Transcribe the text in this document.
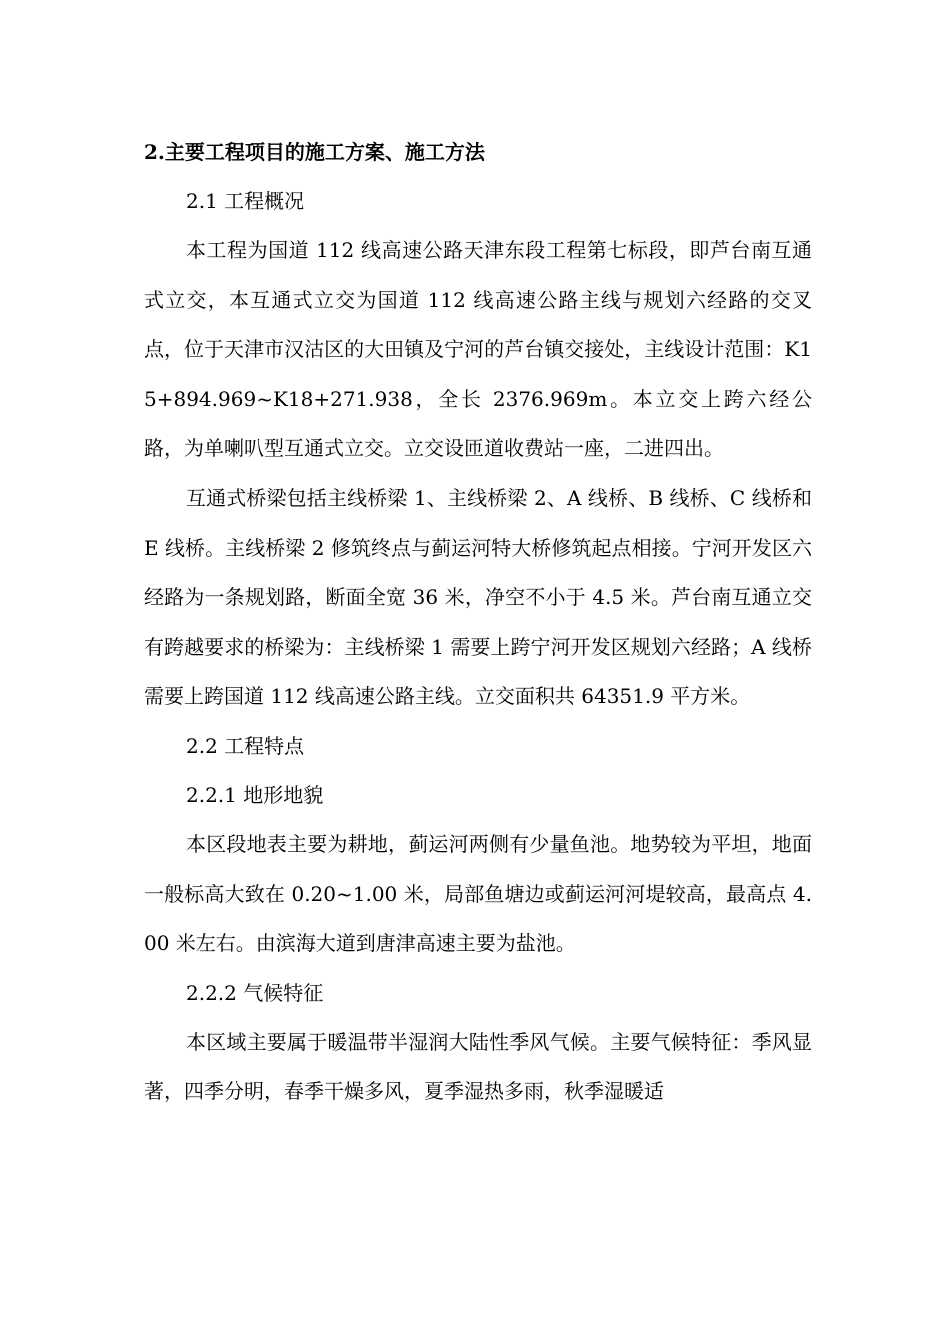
2.主要工程项目的施工方案、施工方法

2.1 工程概况

本工程为国道 112 线高速公路天津东段工程第七标段，即芦台南互通式立交，本互通式立交为国道 112 线高速公路主线与规划六经路的交叉点，位于天津市汉沽区的大田镇及宁河的芦台镇交接处，主线设计范围：K15+894.969~K18+271.938，全长 2376.969m。本立交上跨六经公路，为单喇叭型互通式立交。立交设匝道收费站一座，二进四出。

互通式桥梁包括主线桥梁 1、主线桥梁 2、A 线桥、B 线桥、C 线桥和 E 线桥。主线桥梁 2 修筑终点与蓟运河特大桥修筑起点相接。宁河开发区六经路为一条规划路，断面全宽 36 米，净空不小于 4.5 米。芦台南互通立交有跨越要求的桥梁为：主线桥梁 1 需要上跨宁河开发区规划六经路；A 线桥需要上跨国道 112 线高速公路主线。立交面积共 64351.9 平方米。

2.2 工程特点

2.2.1 地形地貌

本区段地表主要为耕地，蓟运河两侧有少量鱼池。地势较为平坦，地面一般标高大致在 0.20~1.00 米，局部鱼塘边或蓟运河河堤较高，最高点 4.00 米左右。由滨海大道到唐津高速主要为盐池。

2.2.2 气候特征

本区域主要属于暖温带半湿润大陆性季风气候。主要气候特征：季风显著，四季分明，春季干燥多风，夏季湿热多雨，秋季湿暖适
